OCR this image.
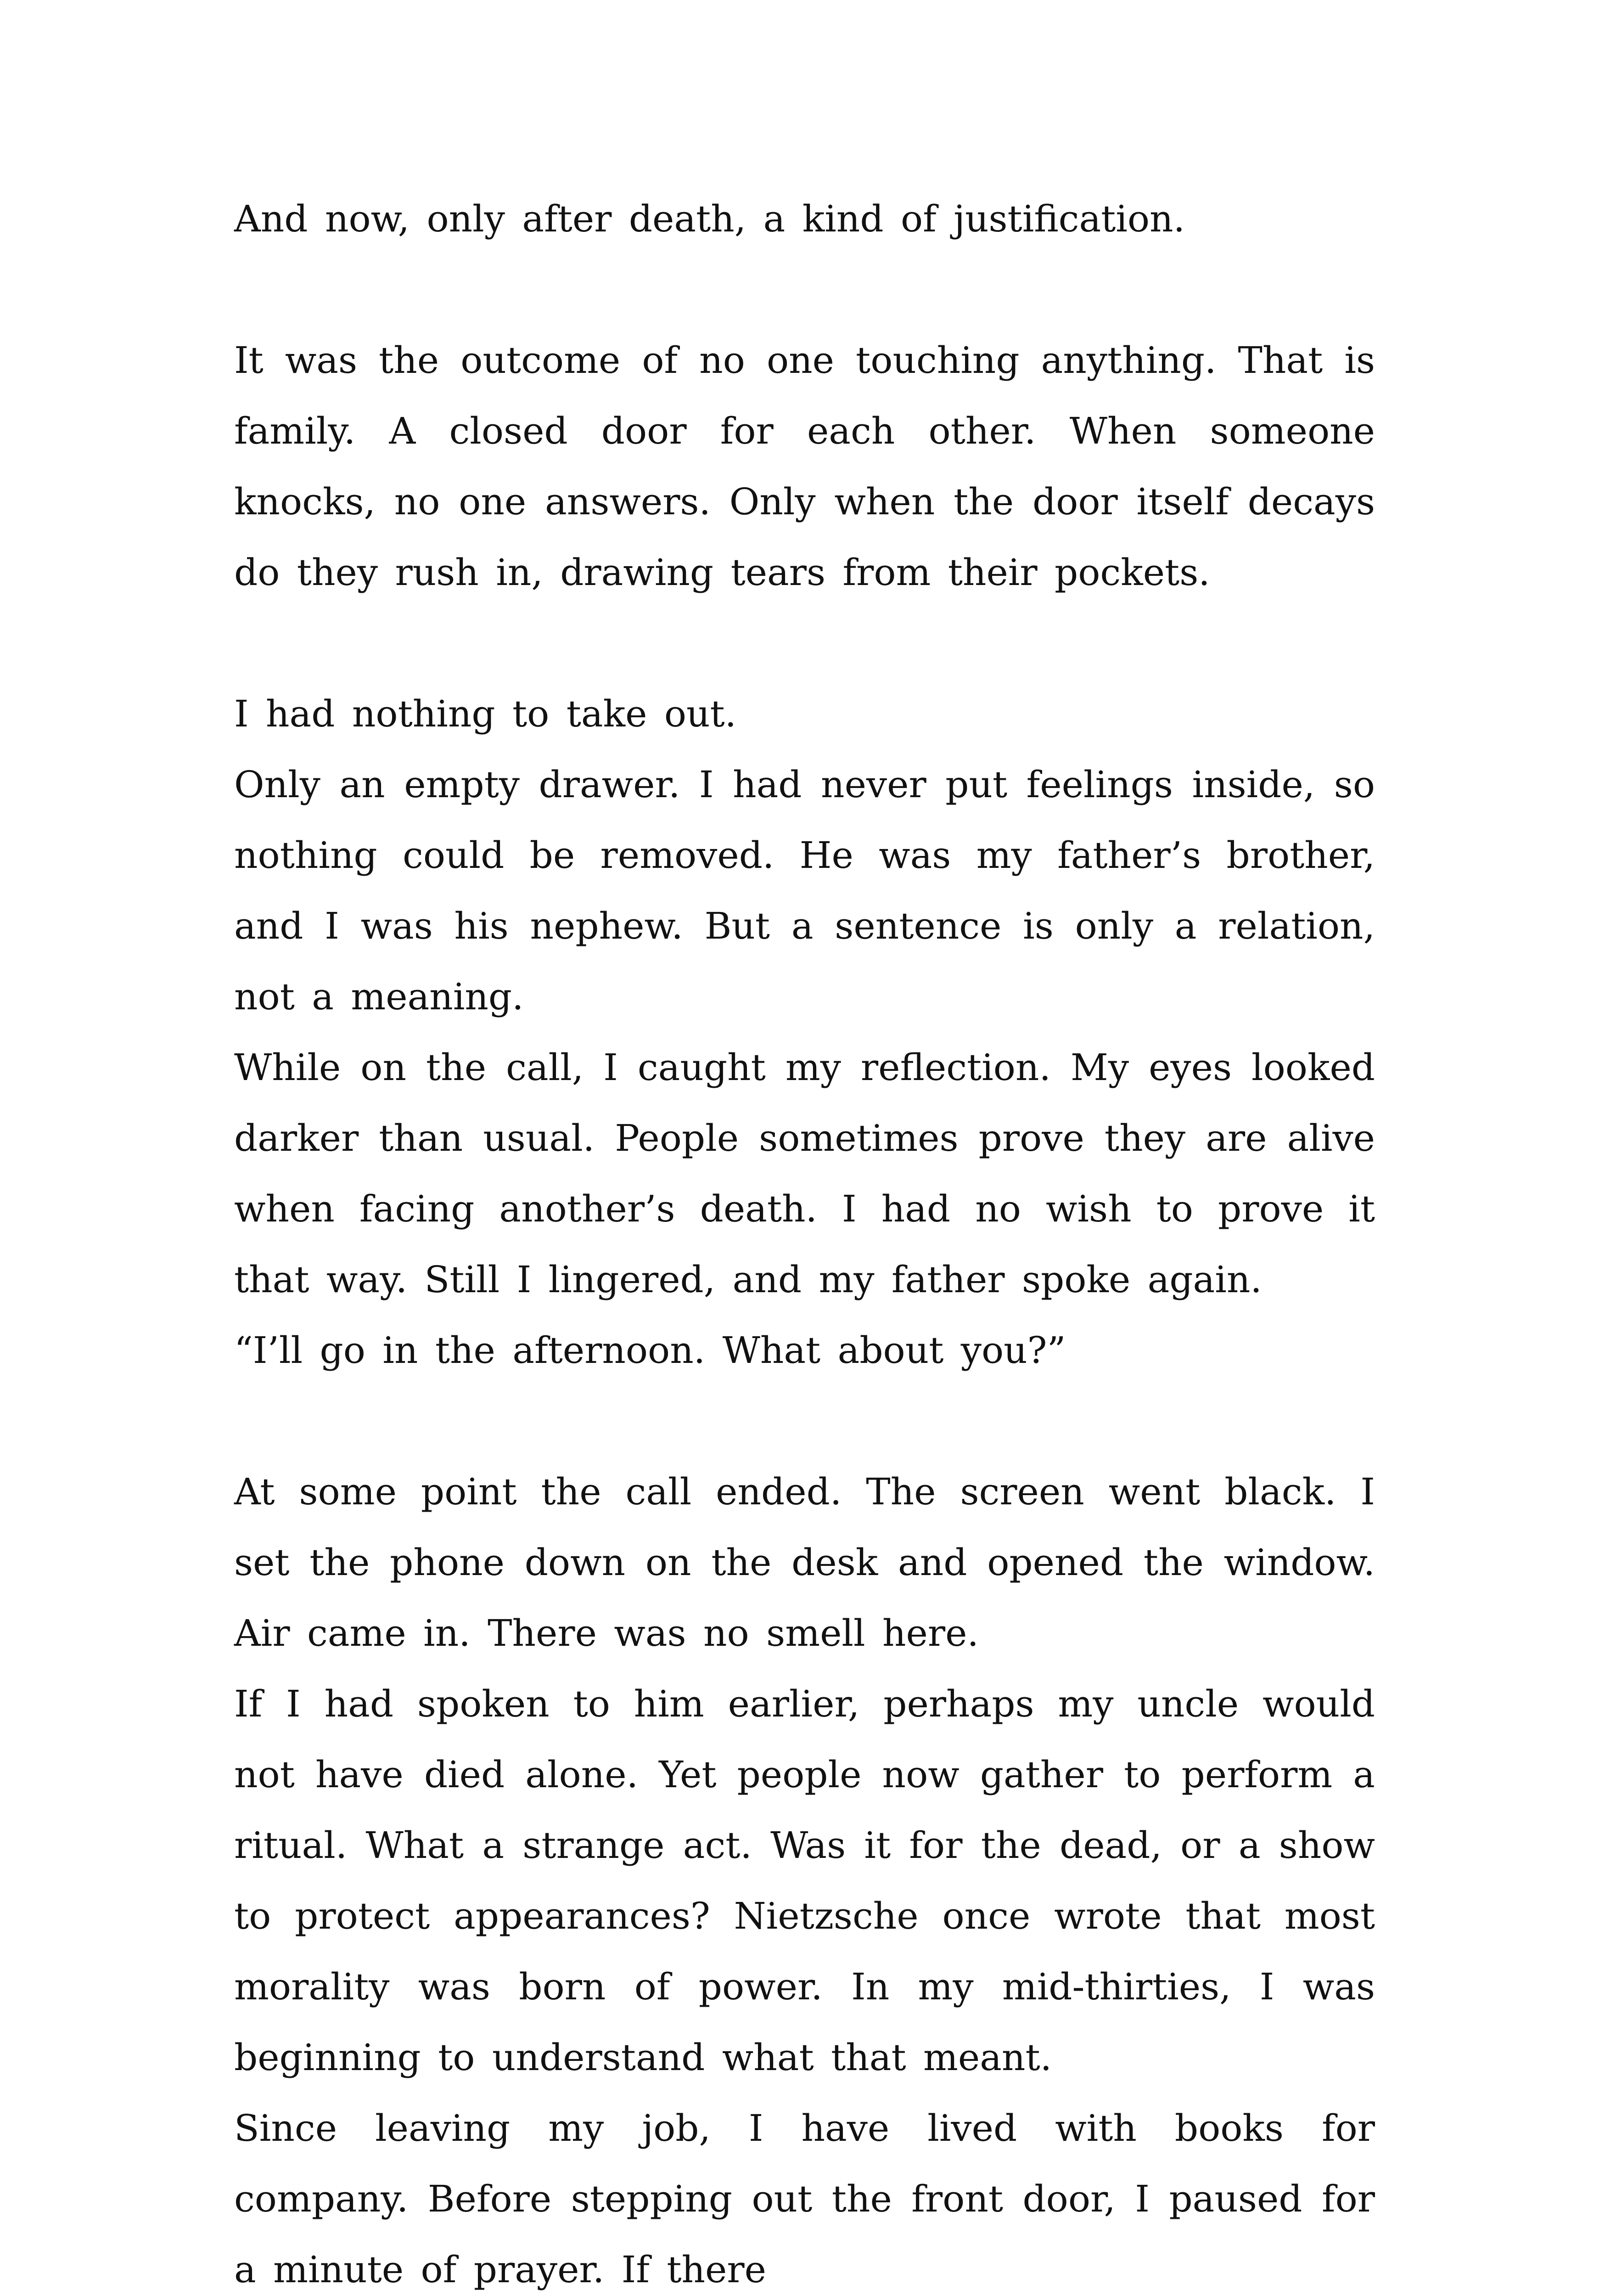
And now, only after death, a kind of justification.

It was the outcome of no one touching anything. That is family. A closed door for each other. When someone knocks, no one answers. Only when the door itself decays do they rush in, drawing tears from their pockets.

I had nothing to take out.

Only an empty drawer. I had never put feelings inside, so nothing could be removed. He was my father’s brother, and I was his nephew. But a sentence is only a relation, not a meaning.

While on the call, I caught my reflection. My eyes looked darker than usual. People sometimes prove they are alive when facing another’s death. I had no wish to prove it that way. Still I lingered, and my father spoke again.

“I’ll go in the afternoon. What about you?”

At some point the call ended. The screen went black. I set the phone down on the desk and opened the window. Air came in. There was no smell here.

If I had spoken to him earlier, perhaps my uncle would not have died alone. Yet people now gather to perform a ritual. What a strange act. Was it for the dead, or a show to protect appearances? Nietzsche once wrote that most morality was born of power. In my mid-thirties, I was beginning to understand what that meant.

Since leaving my job, I have lived with books for company. Before stepping out the front door, I paused for a minute of prayer. If there
